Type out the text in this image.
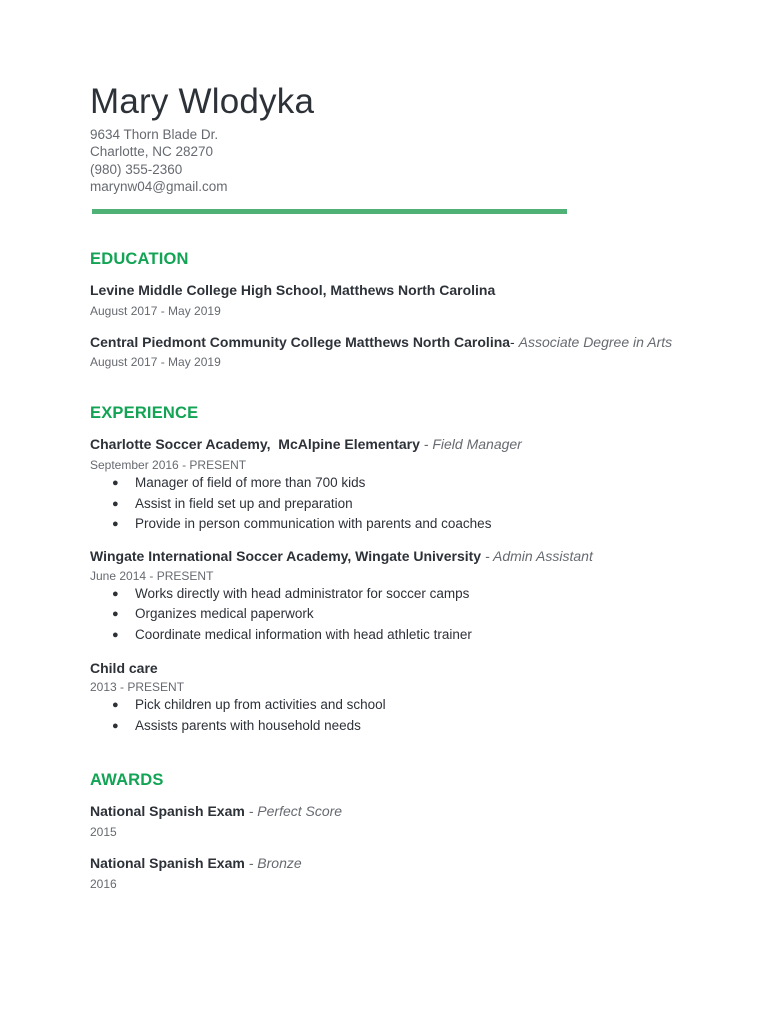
Mary Wlodyka
9634 Thorn Blade Dr.
Charlotte, NC 28270
(980) 355-2360
marynw04@gmail.com
EDUCATION
Levine Middle College High School, Matthews North Carolina
August 2017 - May 2019
Central Piedmont Community College Matthews North Carolina- Associate Degree in Arts
August 2017 - May 2019
EXPERIENCE
Charlotte Soccer Academy,  McAlpine Elementary - Field Manager
September 2016 - PRESENT
● Manager of field of more than 700 kids
● Assist in field set up and preparation
● Provide in person communication with parents and coaches
Wingate International Soccer Academy, Wingate University - Admin Assistant
June 2014 - PRESENT
● Works directly with head administrator for soccer camps
● Organizes medical paperwork
● Coordinate medical information with head athletic trainer
Child care
2013 - PRESENT
● Pick children up from activities and school
● Assists parents with household needs
AWARDS
National Spanish Exam - Perfect Score
2015
National Spanish Exam - Bronze
2016
